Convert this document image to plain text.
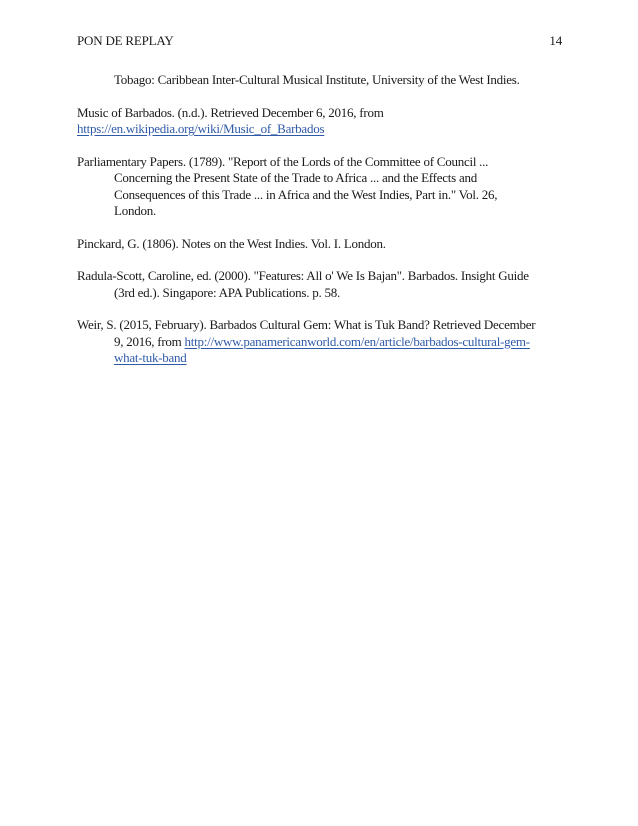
PON DE REPLAY	14

Tobago: Caribbean Inter-Cultural Musical Institute, University of the West Indies.

Music of Barbados. (n.d.). Retrieved December 6, 2016, from
https://en.wikipedia.org/wiki/Music_of_Barbados

Parliamentary Papers. (1789). "Report of the Lords of the Committee of Council ... Concerning the Present State of the Trade to Africa ... and the Effects and Consequences of this Trade ... in Africa and the West Indies, Part in." Vol. 26, London.

Pinckard, G. (1806). Notes on the West Indies. Vol. I. London.

Radula-Scott, Caroline, ed. (2000). "Features: All o' We Is Bajan". Barbados. Insight Guide (3rd ed.). Singapore: APA Publications. p. 58.

Weir, S. (2015, February). Barbados Cultural Gem: What is Tuk Band? Retrieved December 9, 2016, from http://www.panamericanworld.com/en/article/barbados-cultural-gem-what-tuk-band
